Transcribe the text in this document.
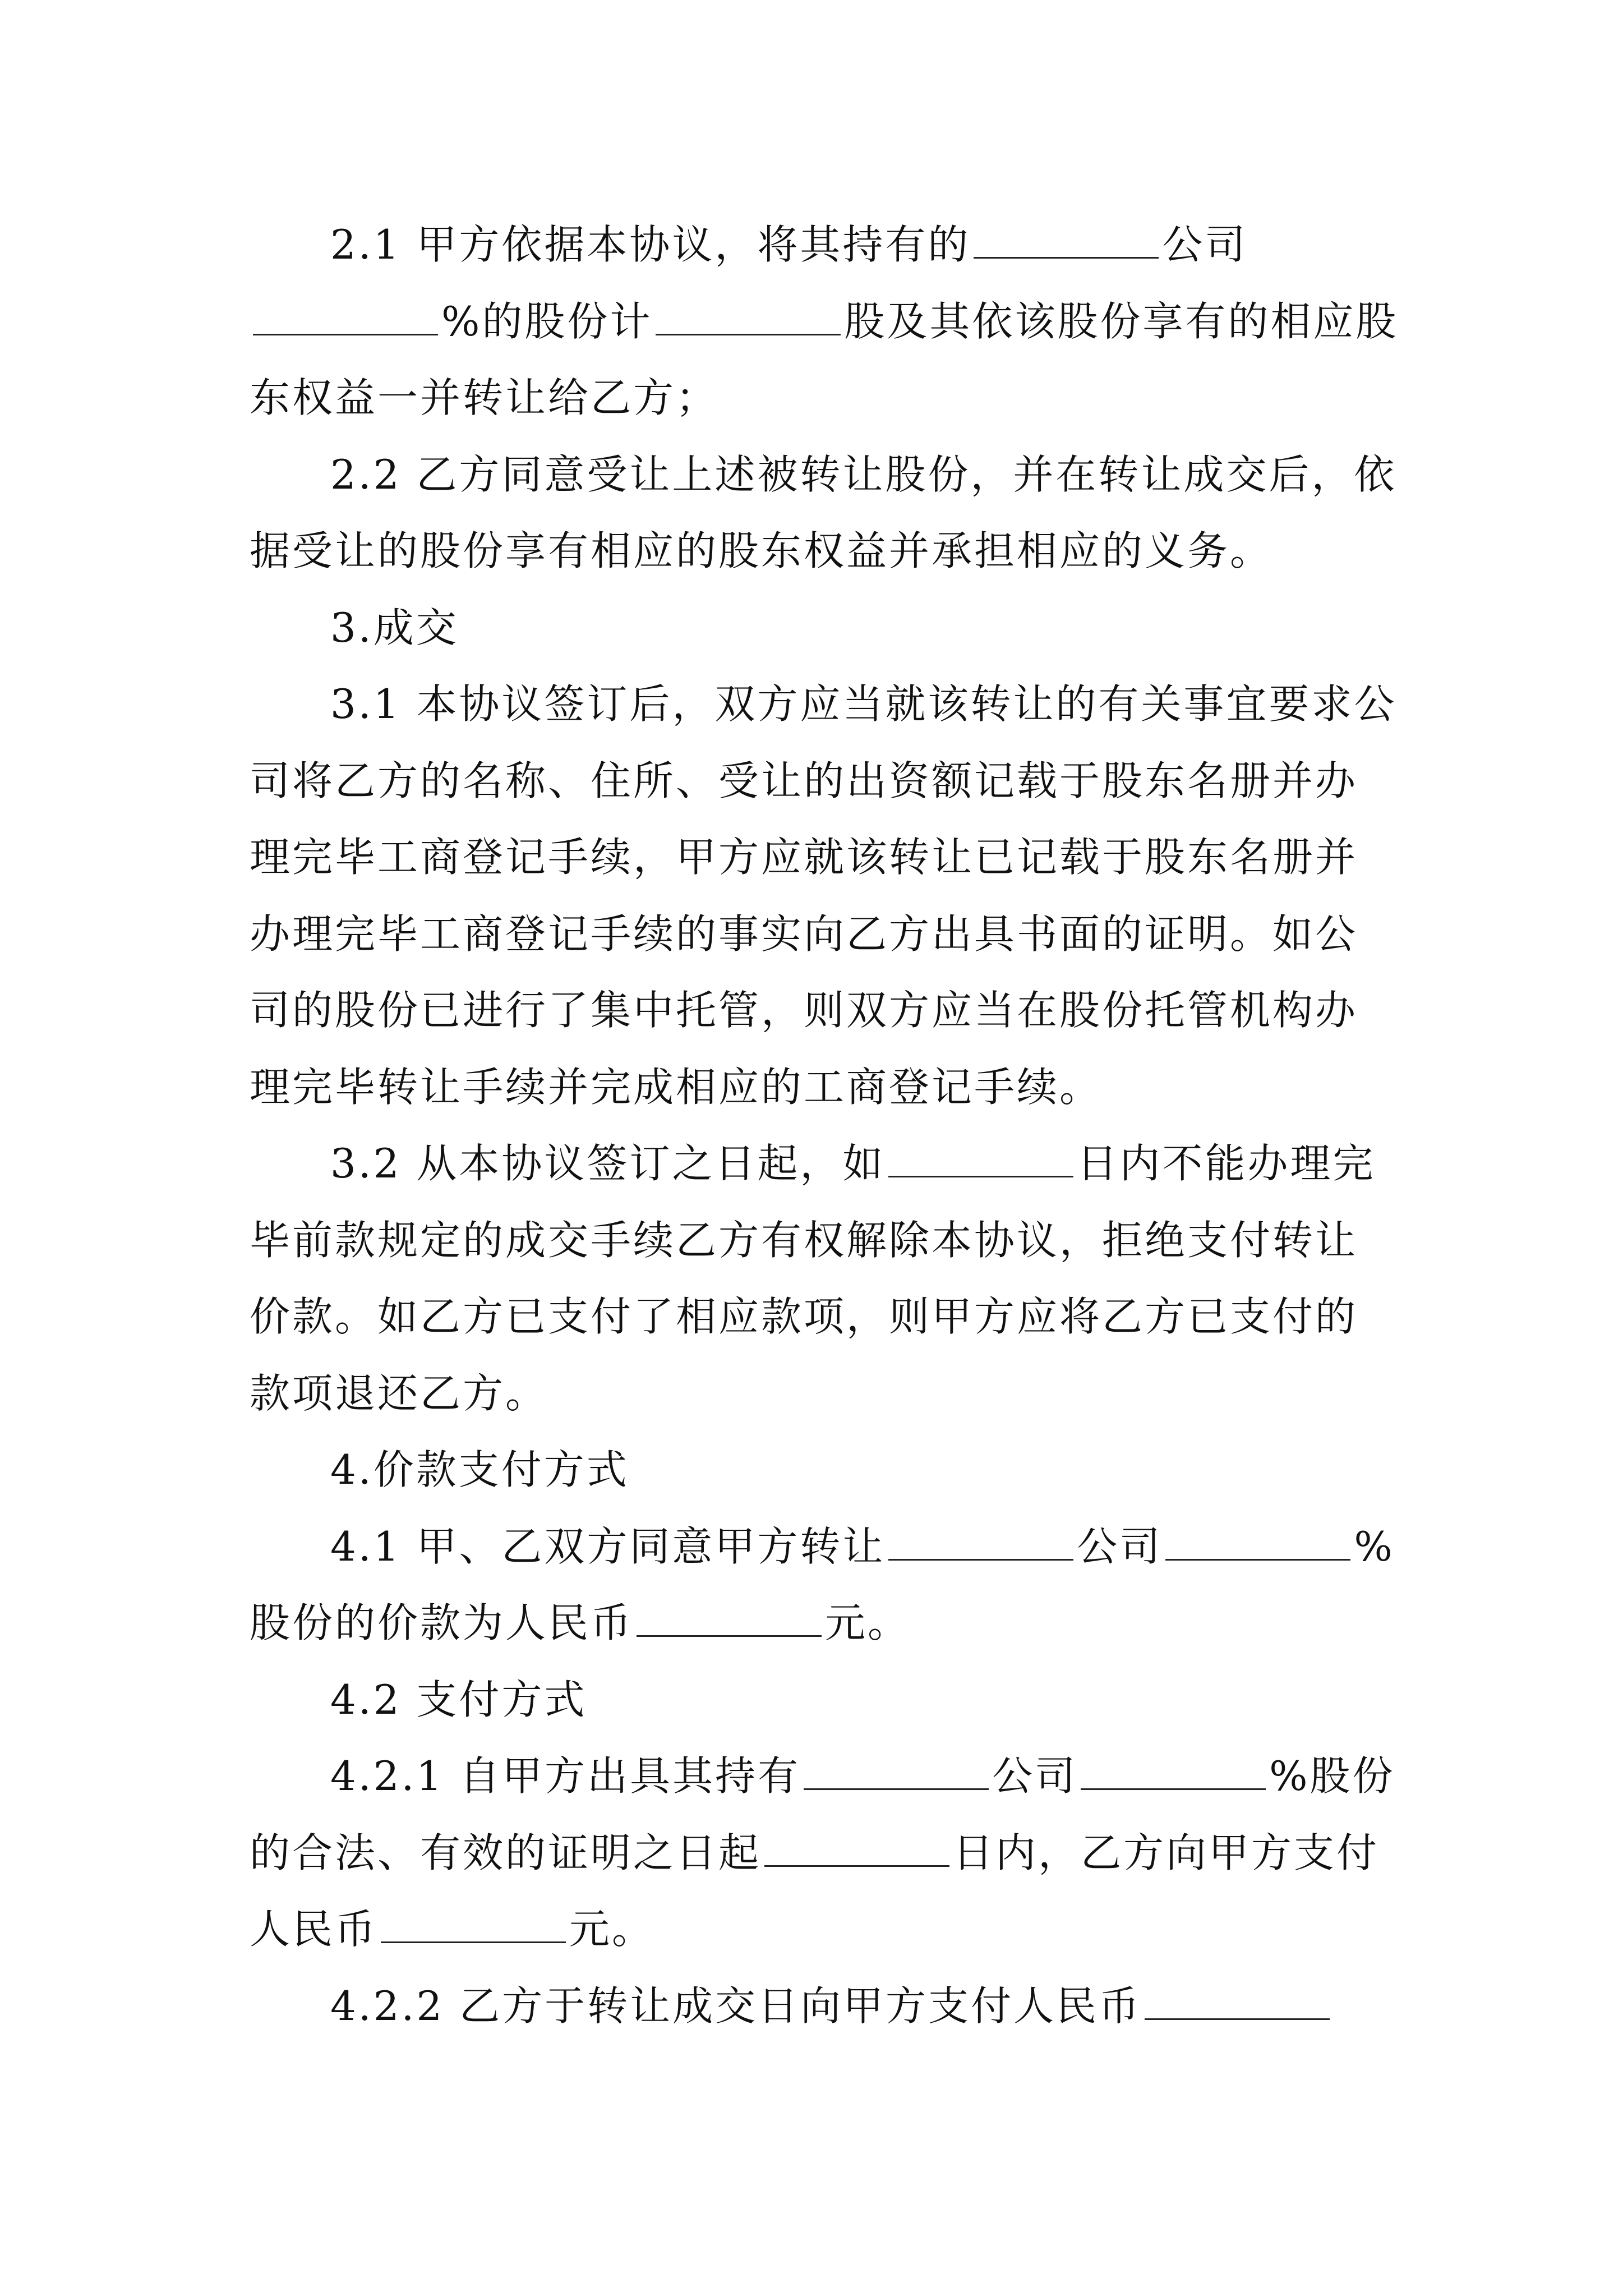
2.1 甲方依据本协议，将其持有的	公司%的股份计	股及其依该股份享有的相应股东权益一并转让给乙方；

2.2 乙方同意受让上述被转让股份，并在转让成交后，依据受让的股份享有相应的股东权益并承担相应的义务。

3.成交

3.1 本协议签订后，双方应当就该转让的有关事宜要求公司将乙方的名称、住所、受让的出资额记载于股东名册并办理完毕工商登记手续，甲方应就该转让已记载于股东名册并办理完毕工商登记手续的事实向乙方出具书面的证明。如公司的股份已进行了集中托管，则双方应当在股份托管机构办理完毕转让手续并完成相应的工商登记手续。

3.2 从本协议签订之日起，如	日内不能办理完毕前款规定的成交手续乙方有权解除本协议，拒绝支付转让价款。如乙方已支付了相应款项，则甲方应将乙方已支付的款项退还乙方。

4.价款支付方式

4.1 甲、乙双方同意甲方转让	公司	%股份的价款为人民币	元。

4.2 支付方式

4.2.1 自甲方出具其持有	公司	%股份的合法、有效的证明之日起	日内，乙方向甲方支付人民币	元。

4.2.2 乙方于转让成交日向甲方支付人民币
